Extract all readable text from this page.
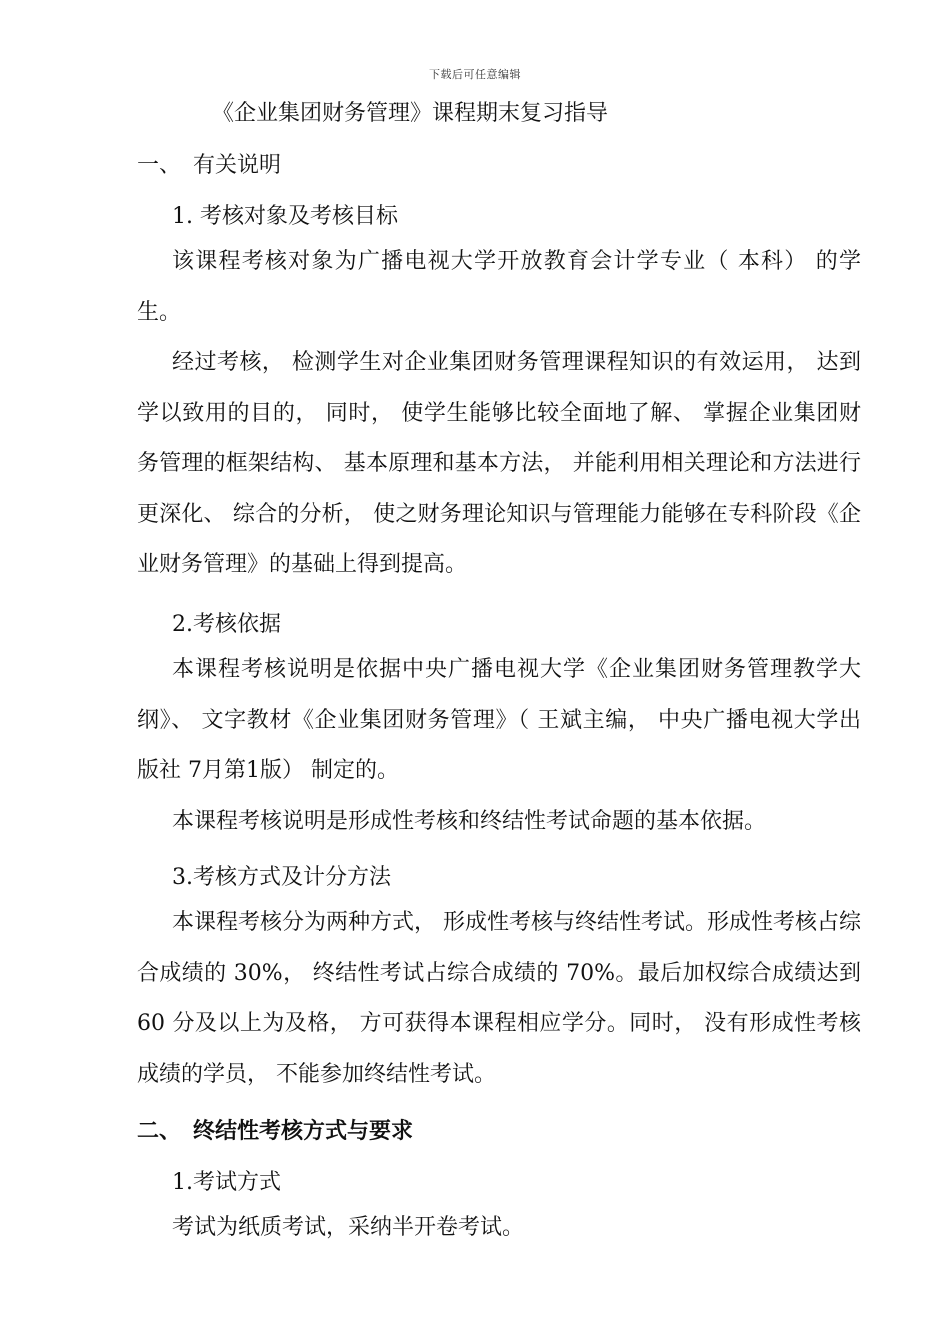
下载后可任意编辑
《企业集团财务管理》课程期末复习指导
一、 有关说明
1. 考核对象及考核目标
该课程考核对象为广播电视大学开放教育会计学专业（ 本科） 的学生。
经过考核， 检测学生对企业集团财务管理课程知识的有效运用， 达到学以致用的目的， 同时， 使学生能够比较全面地了解、 掌握企业集团财务管理的框架结构、 基本原理和基本方法， 并能利用相关理论和方法进行更深化、 综合的分析， 使之财务理论知识与管理能力能够在专科阶段《企业财务管理》的基础上得到提高。
2.考核依据
本课程考核说明是依据中央广播电视大学《企业集团财务管理教学大纲》、 文字教材《企业集团财务管理》（ 王斌主编， 中央广播电视大学出版社 7月第1版） 制定的。
本课程考核说明是形成性考核和终结性考试命题的基本依据。
3.考核方式及计分方法
本课程考核分为两种方式， 形成性考核与终结性考试。形成性考核占综合成绩的 30%， 终结性考试占综合成绩的 70%。最后加权综合成绩达到 60 分及以上为及格， 方可获得本课程相应学分。同时， 没有形成性考核成绩的学员， 不能参加终结性考试。
二、 终结性考核方式与要求
1.考试方式
考试为纸质考试，采纳半开卷考试。
